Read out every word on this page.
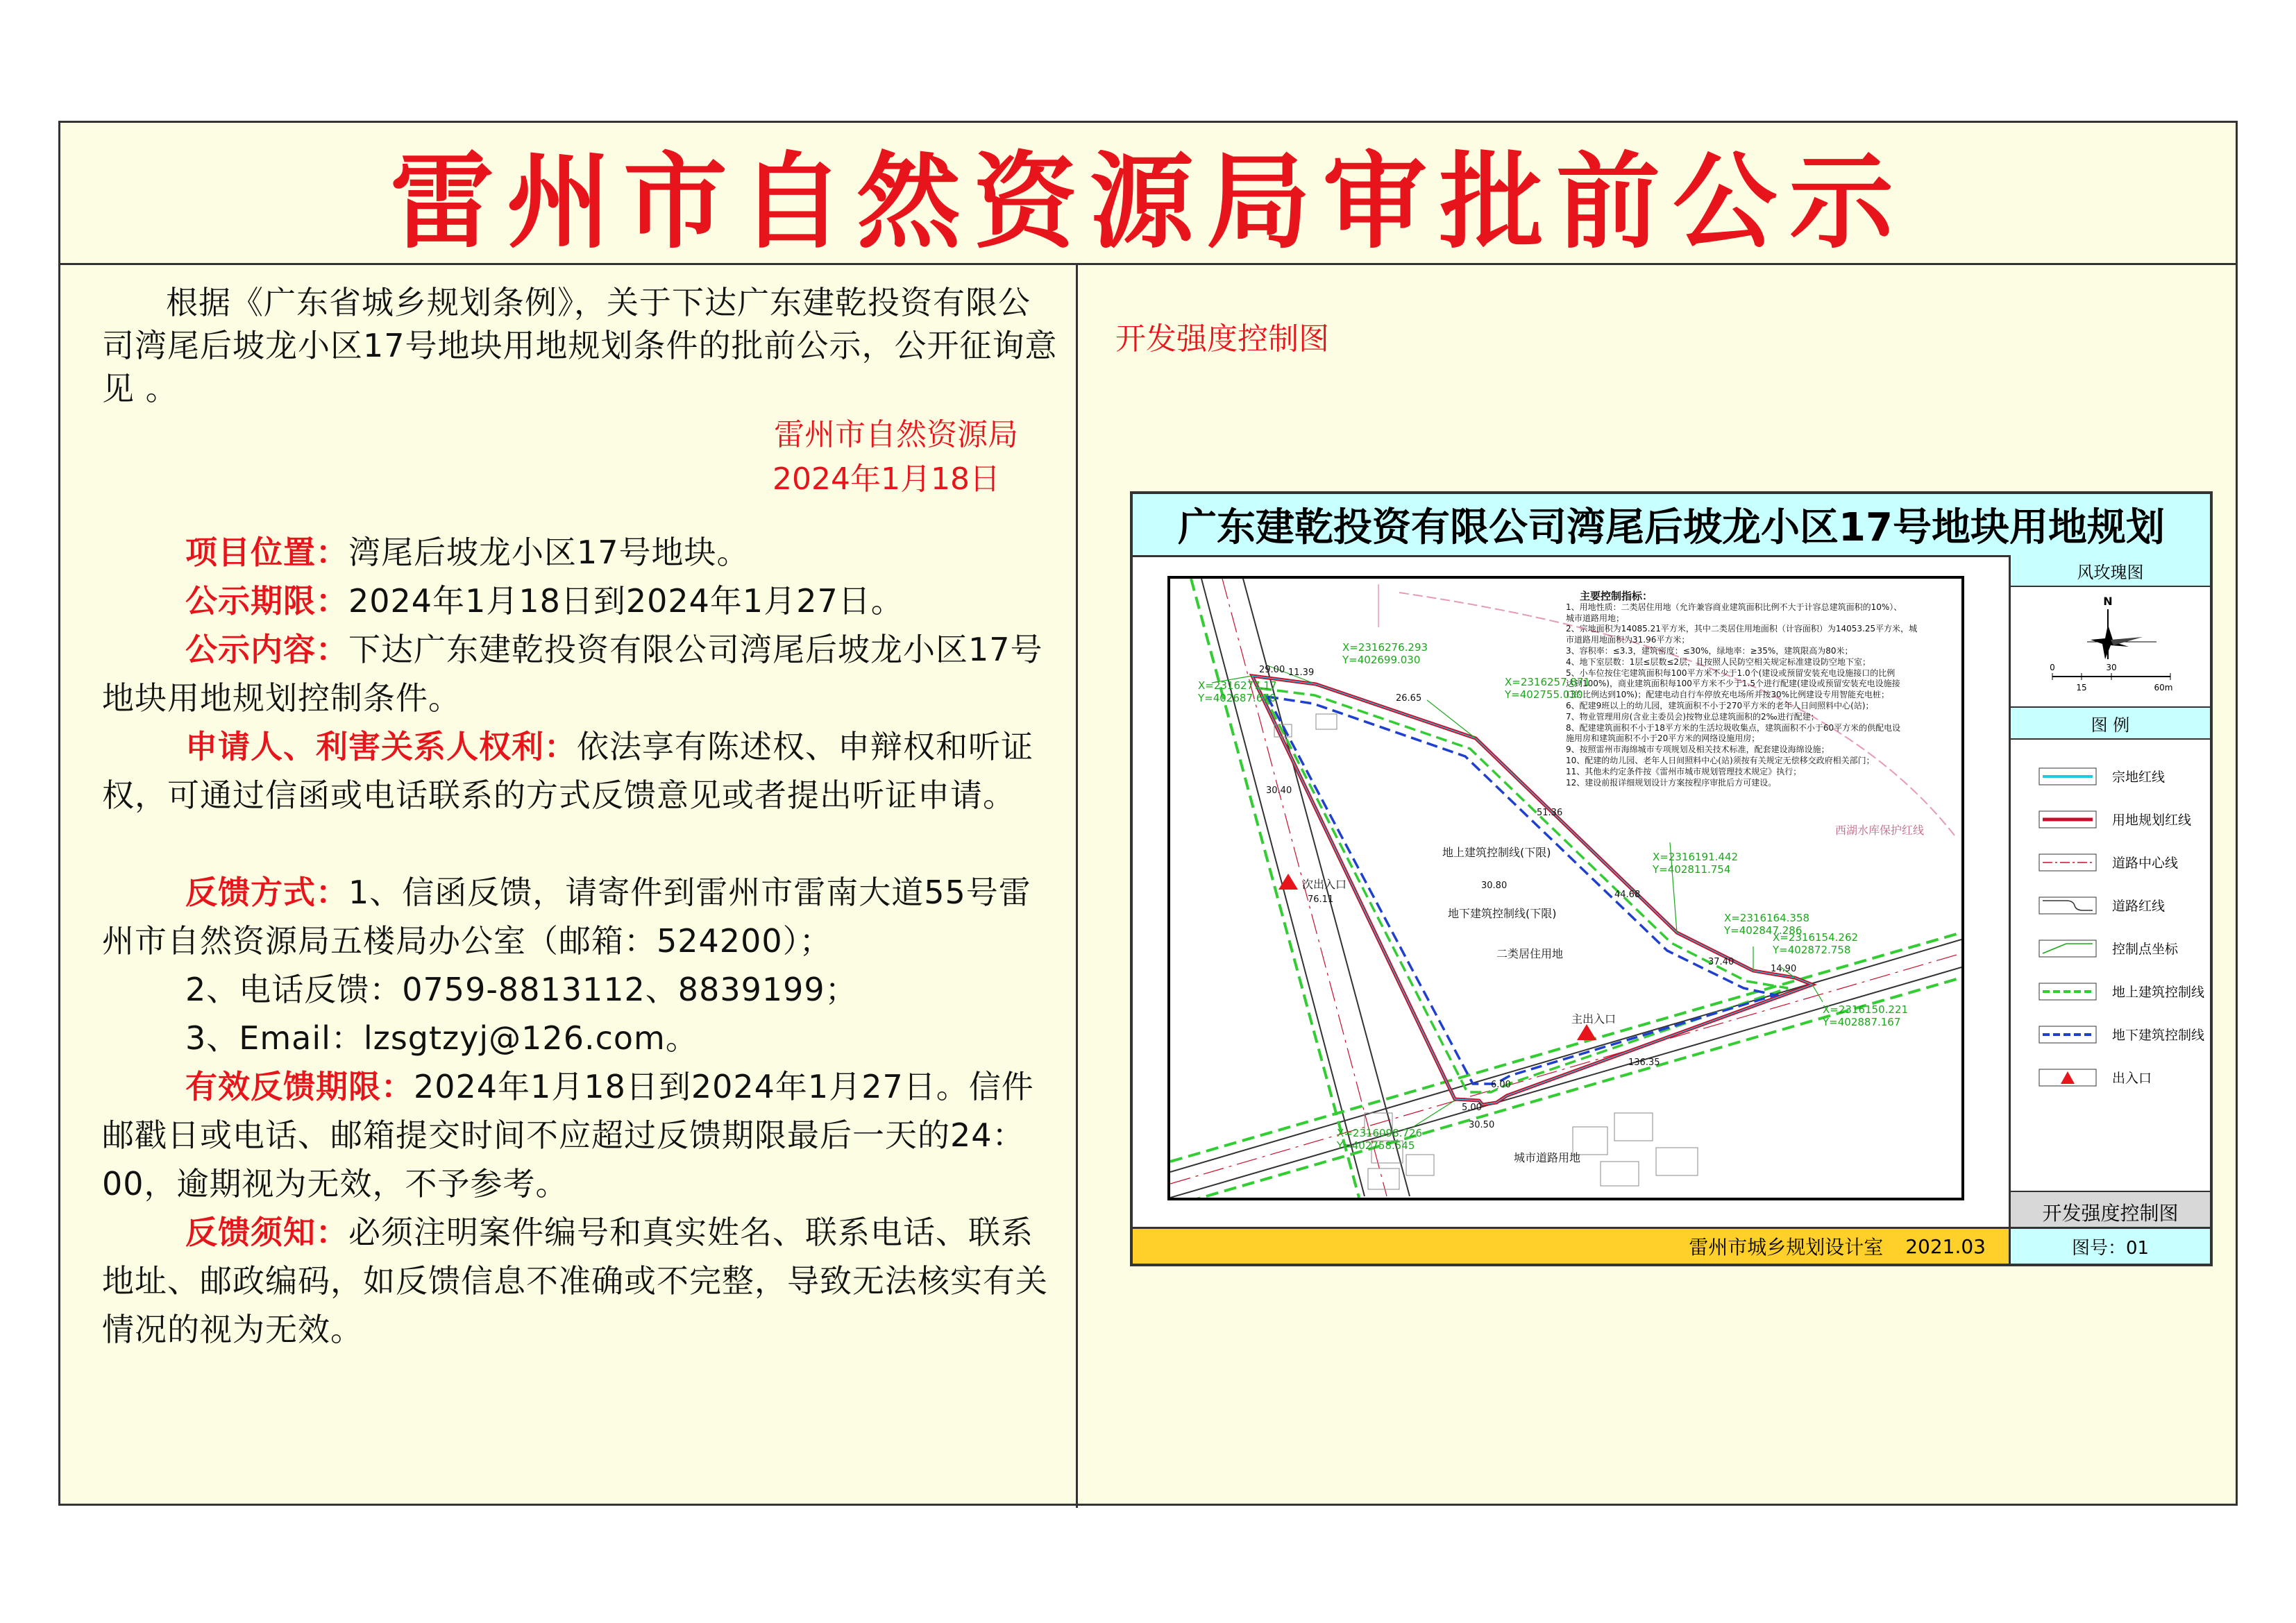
雷州市自然资源局审批前公示
根据《广东省城乡规划条例》，关于下达广东建乾投资有限公司湾尾后坡龙小区17号地块用地规划条件的批前公示，公开征询意见 。
雷州市自然资源局
2024年1月18日
项目位置：湾尾后坡龙小区17号地块。
公示期限：2024年1月18日到2024年1月27日。
公示内容：下达广东建乾投资有限公司湾尾后坡龙小区17号地块用地规划控制条件。
申请人、利害关系人权利：依法享有陈述权、申辩权和听证权，可通过信函或电话联系的方式反馈意见或者提出听证申请。
反馈方式：1、信函反馈，请寄件到雷州市雷南大道55号雷州市自然资源局五楼局办公室（邮箱：524200）；
2、电话反馈：0759-8813112、8839199；
3、Email：lzsgtzyj@126.com。
有效反馈期限：2024年1月18日到2024年1月27日。信件邮戳日或电话、邮箱提交时间不应超过反馈期限最后一天的24：00，逾期视为无效，不予参考。
反馈须知：必须注明案件编号和真实姓名、联系电话、联系地址、邮政编码，如反馈信息不准确或不完整，导致无法核实有关情况的视为无效。
开发强度控制图
广东建乾投资有限公司湾尾后坡龙小区17号地块用地规划
主要控制指标：
1、用地性质：二类居住用地（允许兼容商业建筑面积比例不大于计容总建筑面积的10%）、
城市道路用地；
2、宗地面积为14085.21平方米，其中二类居住用地面积（计容面积）为14053.25平方米，城
市道路用地面积为31.96平方米；
3、容积率：≤3.3，建筑密度：≤30%，绿地率：≥35%，建筑限高为80米；
4、地下室层数：1层≤层数≤2层，且按照人民防空相关规定标准建设防空地下室；
5、小车位按住宅建筑面积每100平方米不少于1.0个(建设或预留安装充电设施接口的比例
达到100%)，商业建筑面积每100平方米不少于1.5个进行配建(建设或预留安装充电设施接
口的比例达到10%)；配建电动自行车停放充电场所并按30%比例建设专用智能充电桩；
6、配建9班以上的幼儿园，建筑面积不小于270平方米的老年人日间照料中心(站)；
7、物业管理用房(含业主委员会)按物业总建筑面积的2‰进行配建；
8、配建建筑面积不小于18平方米的生活垃圾收集点，建筑面积不小于60平方米的供配电设
施用房和建筑面积不小于20平方米的网络设施用房；
9、按照雷州市海绵城市专项规划及相关技术标准，配套建设海绵设施；
10、配建的幼儿园、老年人日间照料中心(站)须按有关规定无偿移交政府相关部门；
11、其他未约定条件按《雷州市城市规划管理技术规定》执行；
12、建设前报详细规划设计方案按程序审批后方可建设。
地上建筑控制线(下限)
地下建筑控制线(下限)
二类居住用地
次出入口
主出入口
城市道路用地
西湖水库保护红线
29.00 11.39
26.65
30.40
76.11
30.80
51.36
44.68
37.40
14.90
136.35
30.50
6.00
5.00
X=2316276.293
Y=402699.030
X=2316277.17
Y=402687.670
X=2316257.871
Y=402755.030
X=2316191.442
Y=402811.754
X=2316164.358
Y=402847.286
X=2316154.262
Y=402872.758
X=2316150.221
Y=402887.167
X=2316098.726
Y=402758.545
风玫瑰图
N
0
15
30
60m
图 例
宗地红线
用地规划红线
道路中心线
道路红线
控制点坐标
地上建筑控制线
地下建筑控制线
出入口
开发强度控制图
雷州市城乡规划设计室 2021.03	图号：01
